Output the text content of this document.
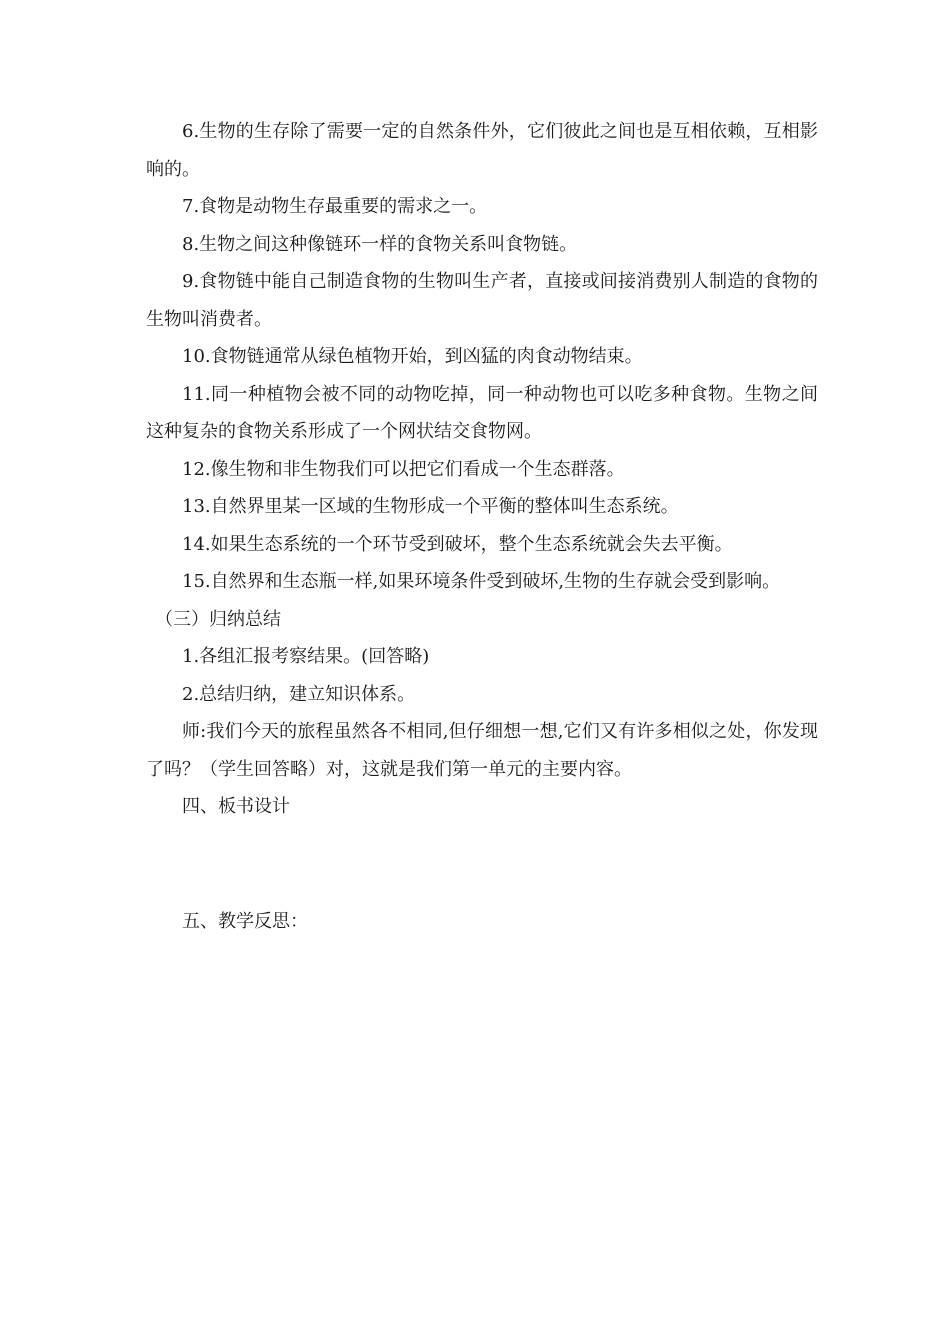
6.生物的生存除了需要一定的自然条件外，它们彼此之间也是互相依赖，互相影响的。

7.食物是动物生存最重要的需求之一。

8.生物之间这种像链环一样的食物关系叫食物链。

9.食物链中能自己制造食物的生物叫生产者，直接或间接消费别人制造的食物的生物叫消费者。

10.食物链通常从绿色植物开始，到凶猛的肉食动物结束。

11.同一种植物会被不同的动物吃掉，同一种动物也可以吃多种食物。生物之间这种复杂的食物关系形成了一个网状结交食物网。

12.像生物和非生物我们可以把它们看成一个生态群落。

13.自然界里某一区域的生物形成一个平衡的整体叫生态系统。

14.如果生态系统的一个环节受到破坏，整个生态系统就会失去平衡。

15.自然界和生态瓶一样,如果环境条件受到破坏,生物的生存就会受到影响。

（三）归纳总结

1.各组汇报考察结果。(回答略)

2.总结归纳，建立知识体系。

师:我们今天的旅程虽然各不相同,但仔细想一想,它们又有许多相似之处，你发现了吗？（学生回答略）对，这就是我们第一单元的主要内容。

四、板书设计

五、教学反思：
